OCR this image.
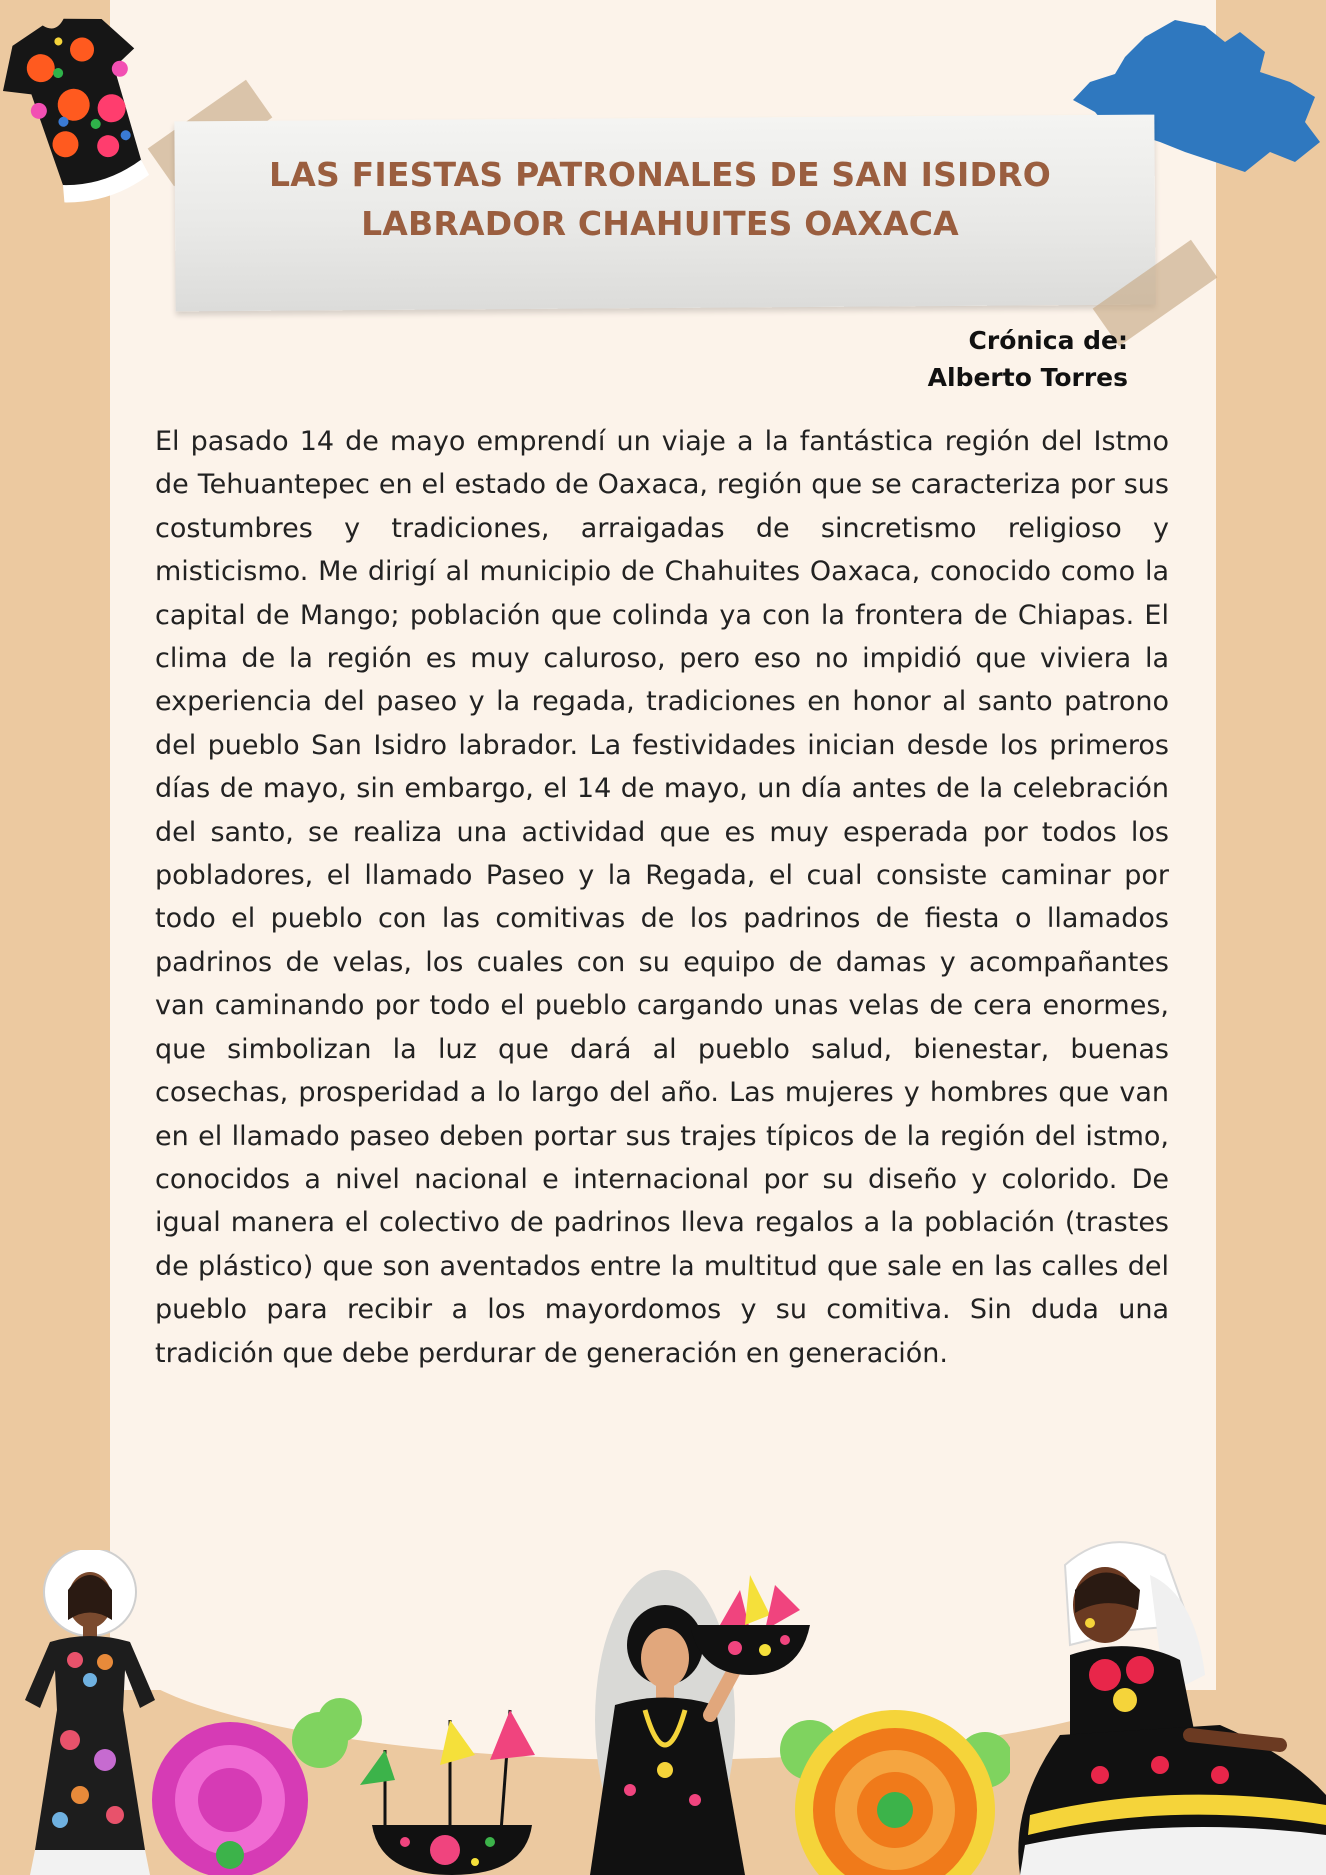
LAS FIESTAS PATRONALES DE SAN ISIDRO
LABRADOR CHAHUITES OAXACA
Crónica de:
Alberto Torres

El pasado 14 de mayo emprendí un viaje a la fantástica región del Istmo de Tehuantepec en el estado de Oaxaca, región que se caracteriza por sus costumbres y tradiciones, arraigadas de sincretismo religioso y misticismo. Me dirigí al municipio de Chahuites Oaxaca, conocido como la capital de Mango; población que colinda ya con la frontera de Chiapas. El clima de la región es muy caluroso, pero eso no impidió que viviera la experiencia del paseo y la regada, tradiciones en honor al santo patrono del pueblo San Isidro labrador. La festividades inician desde los primeros días de mayo, sin embargo, el 14 de mayo, un día antes de la celebración del santo, se realiza una actividad que es muy esperada por todos los pobladores, el llamado Paseo y la Regada, el cual consiste caminar por todo el pueblo con las comitivas de los padrinos de fiesta o llamados padrinos de velas, los cuales con su equipo de damas y acompañantes van caminando por todo el pueblo cargando unas velas de cera enormes, que simbolizan la luz que dará al pueblo salud, bienestar, buenas cosechas, prosperidad a lo largo del año. Las mujeres y hombres que van en el llamado paseo deben portar sus trajes típicos de la región del istmo, conocidos a nivel nacional e internacional por su diseño y colorido. De igual manera el colectivo de padrinos lleva regalos a la población (trastes de plástico) que son aventados entre la multitud que sale en las calles del pueblo para recibir a los mayordomos y su comitiva. Sin duda una tradición que debe perdurar de generación en generación.
